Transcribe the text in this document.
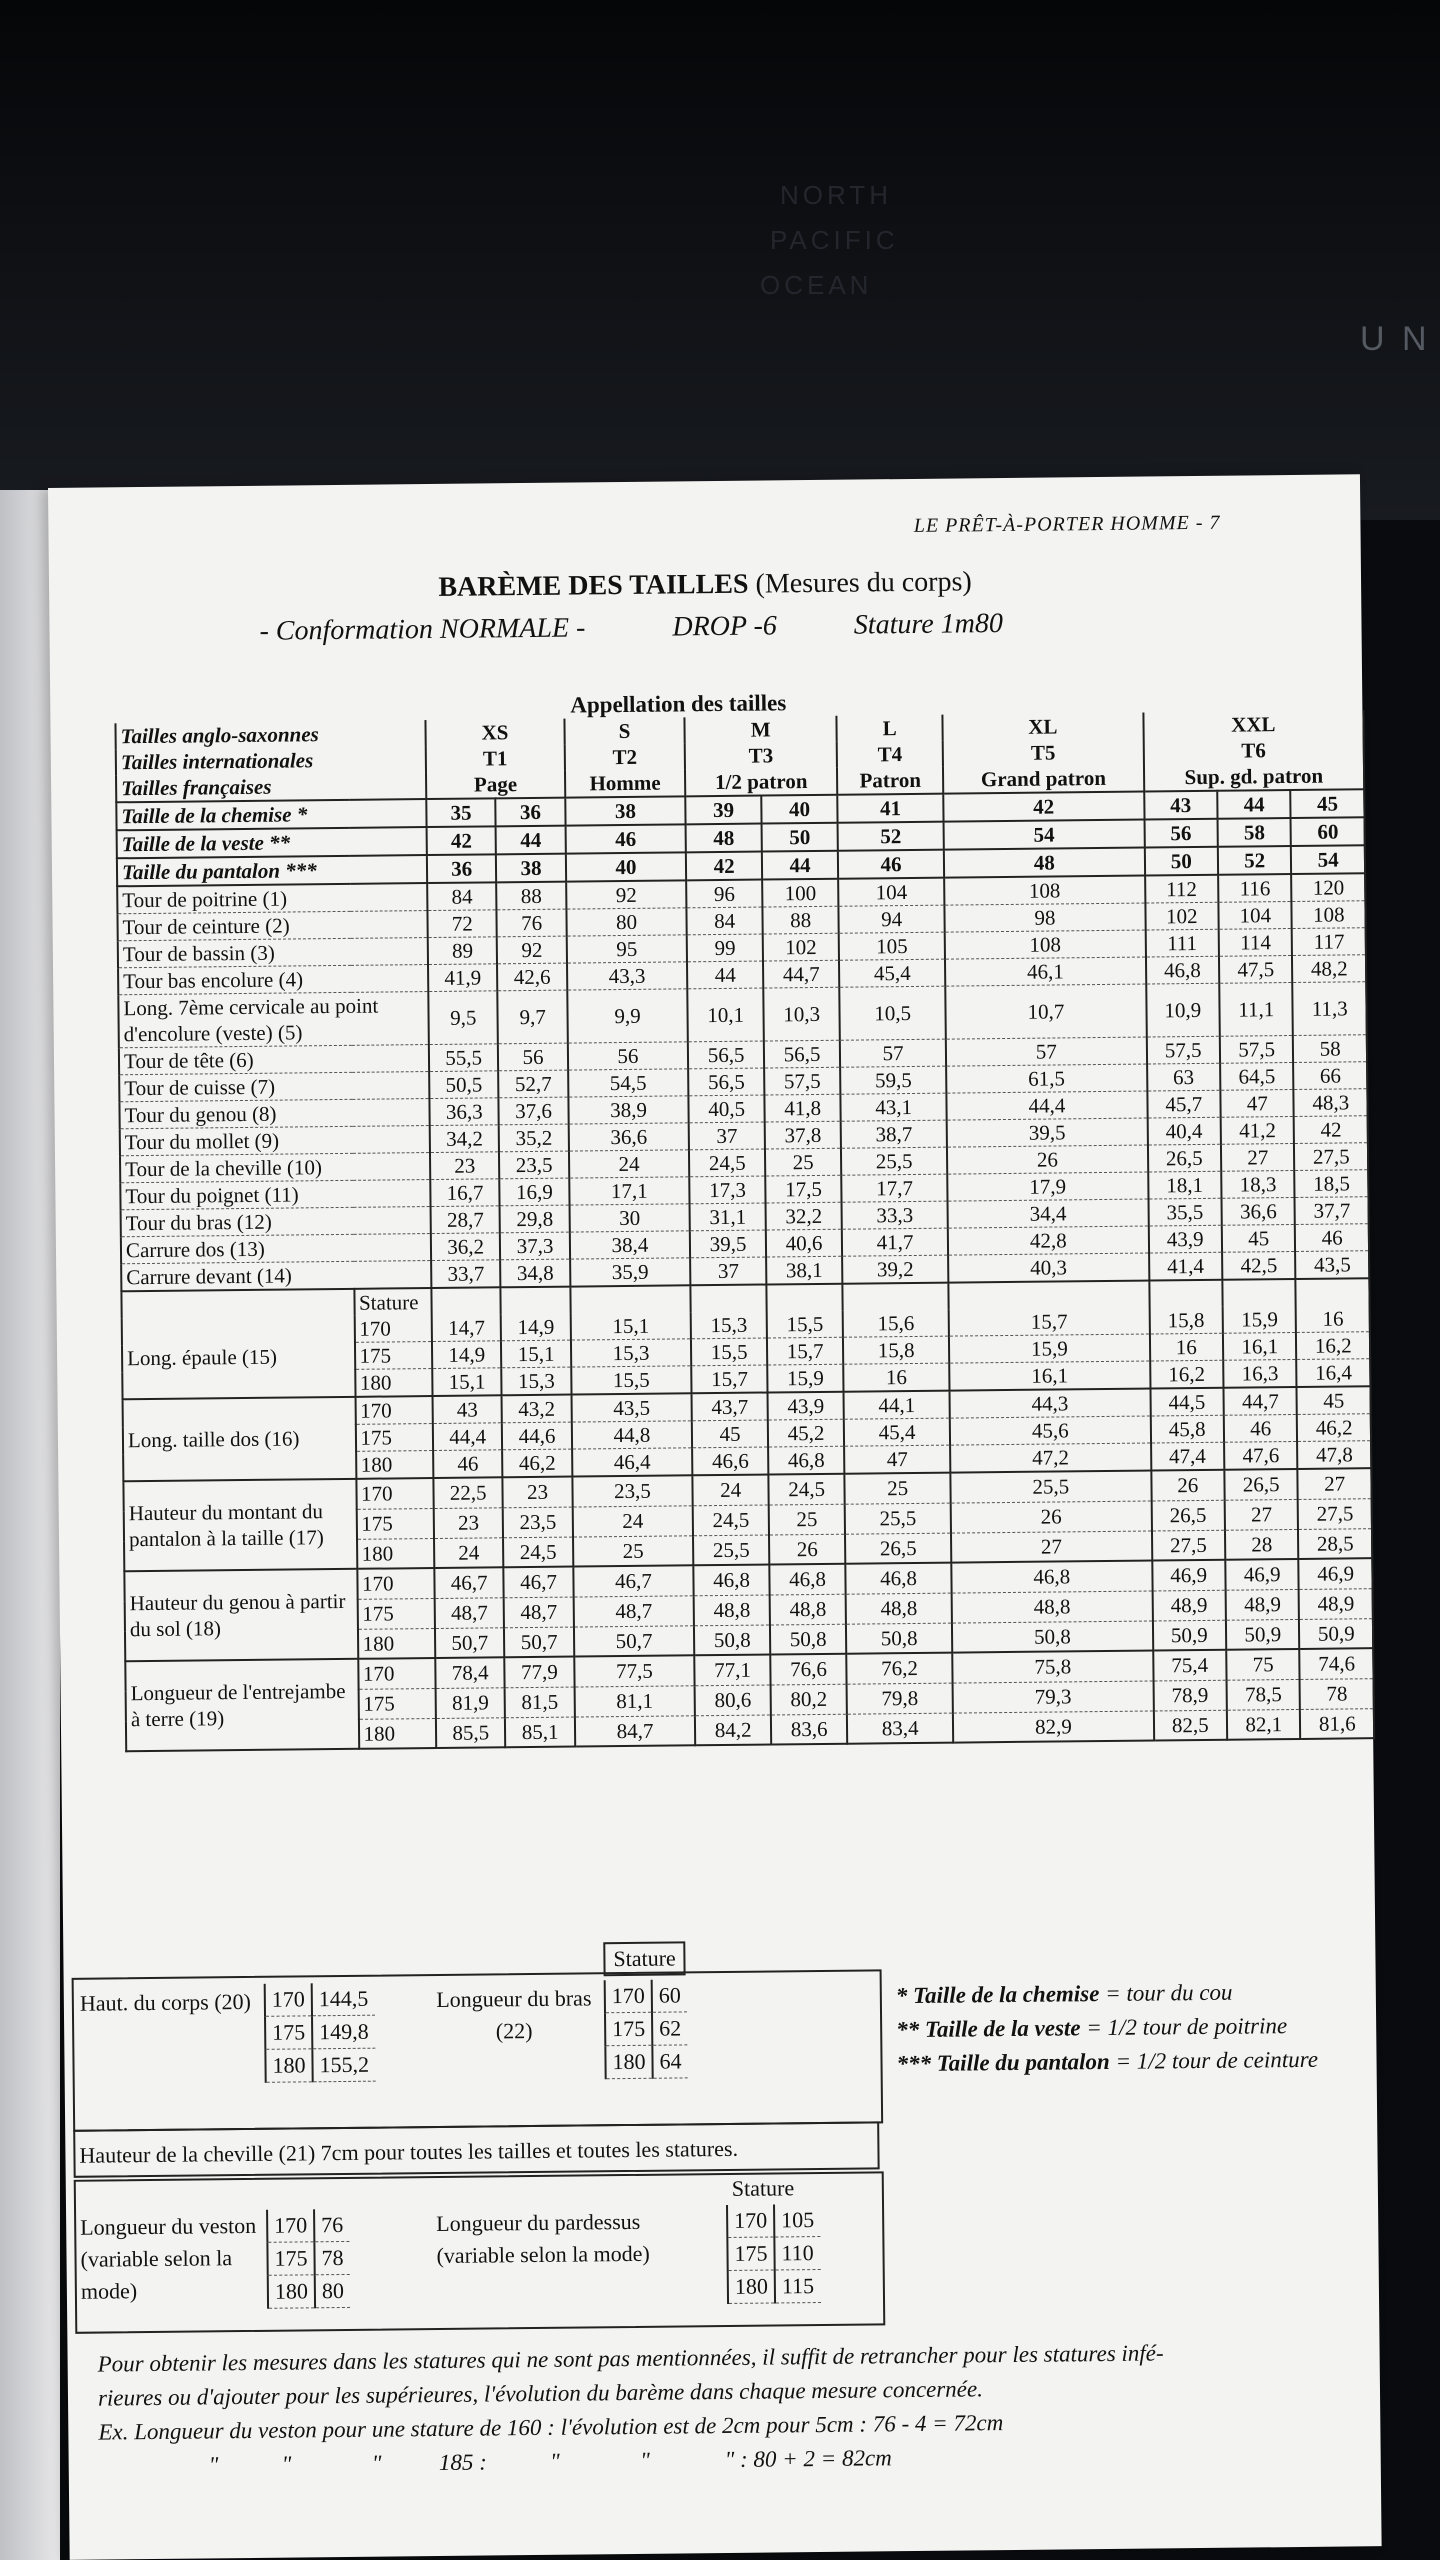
NORTH
PACIFIC
OCEAN
U N
LE PRÊT-À-PORTER HOMME - 7
BARÈME DES TAILLES (Mesures du corps)
- Conformation NORMALE -	DROP -6	Stature 1m80
Appellation des tailles
Tailles anglo-saxonnes		XS		S	M		L	XL	XXL		
Tailles internationales		T1		T2	T3		T4	T5	T6		
Tailles françaises		Page		Homme	1/2 patron		Patron	Grand patron	Sup. gd. patron		
Taille de la chemise *		35	36	38	39	40	41	42	43	44	45
Taille de la veste **		42	44	46	48	50	52	54	56	58	60
Taille du pantalon ***		36	38	40	42	44	46	48	50	52	54
Tour de poitrine (1)		84	88	92	96	100	104	108	112	116	120
Tour de ceinture (2)		72	76	80	84	88	94	98	102	104	108
Tour de bassin (3)		89	92	95	99	102	105	108	111	114	117
Tour bas encolure (4)		41,9	42,6	43,3	44	44,7	45,4	46,1	46,8	47,5	48,2
Long. 7ème cervicale au point d'encolure (veste) (5)		9,5	9,7	9,9	10,1	10,3	10,5	10,7	10,9	11,1	11,3
Tour de tête (6)		55,5	56	56	56,5	56,5	57	57	57,5	57,5	58
Tour de cuisse (7)		50,5	52,7	54,5	56,5	57,5	59,5	61,5	63	64,5	66
Tour du genou (8)		36,3	37,6	38,9	40,5	41,8	43,1	44,4	45,7	47	48,3
Tour du mollet (9)		34,2	35,2	36,6	37	37,8	38,7	39,5	40,4	41,2	42
Tour de la cheville (10)		23	23,5	24	24,5	25	25,5	26	26,5	27	27,5
Tour du poignet (11)		16,7	16,9	17,1	17,3	17,5	17,7	17,9	18,1	18,3	18,5
Tour du bras (12)		28,7	29,8	30	31,1	32,2	33,3	34,4	35,5	36,6	37,7
Carrure dos (13)		36,2	37,3	38,4	39,5	40,6	41,7	42,8	43,9	45	46
Carrure devant (14)		33,7	34,8	35,9	37	38,1	39,2	40,3	41,4	42,5	43,5
	Stature										
Long. épaule (15)	170	14,7	14,9	15,1	15,3	15,5	15,6	15,7	15,8	15,9	16
	175	14,9	15,1	15,3	15,5	15,7	15,8	15,9	16	16,1	16,2
	180	15,1	15,3	15,5	15,7	15,9	16	16,1	16,2	16,3	16,4
Long. taille dos (16)	170	43	43,2	43,5	43,7	43,9	44,1	44,3	44,5	44,7	45
	175	44,4	44,6	44,8	45	45,2	45,4	45,6	45,8	46	46,2
	180	46	46,2	46,4	46,6	46,8	47	47,2	47,4	47,6	47,8
Hauteur du montant du pantalon à la taille (17)	170	22,5	23	23,5	24	24,5	25	25,5	26	26,5	27
	175	23	23,5	24	24,5	25	25,5	26	26,5	27	27,5
	180	24	24,5	25	25,5	26	26,5	27	27,5	28	28,5
Hauteur du genou à partir du sol (18)	170	46,7	46,7	46,7	46,8	46,8	46,8	46,8	46,9	46,9	46,9
	175	48,7	48,7	48,7	48,8	48,8	48,8	48,8	48,9	48,9	48,9
	180	50,7	50,7	50,7	50,8	50,8	50,8	50,8	50,9	50,9	50,9
Longueur de l'entrejambe à terre (19)	170	78,4	77,9	77,5	77,1	76,6	76,2	75,8	75,4	75	74,6
	175	81,9	81,5	81,1	80,6	80,2	79,8	79,3	78,9	78,5	78
	180	85,5	85,1	84,7	84,2	83,6	83,4	82,9	82,5	82,1	81,6
Haut. du corps (20) 170	144,5
175	149,8
180	155,2
Longueur du bras (22)
Stature
170	60
175	62
180	64
Hauteur de la cheville (21) 7cm pour toutes les tailles et toutes les statures.
Longueur du veston (variable selon la mode)
170	76
175	78
180	80
Longueur du pardessus (variable selon la mode)
Stature
170	105
175	110
180	115
* Taille de la chemise = tour du cou
** Taille de la veste = 1/2 tour de poitrine
*** Taille du pantalon = 1/2 tour de ceinture
Pour obtenir les mesures dans les statures qui ne sont pas mentionnées, il suffit de retrancher pour les statures infé-
rieures ou d'ajouter pour les supérieures, l'évolution du barème dans chaque mesure concernée.
Ex. Longueur du veston pour une stature de 160 : l'évolution est de 2cm pour 5cm : 76 - 4 = 72cm
"           "              "          185 :           "              "             " : 80 + 2 = 82cm
